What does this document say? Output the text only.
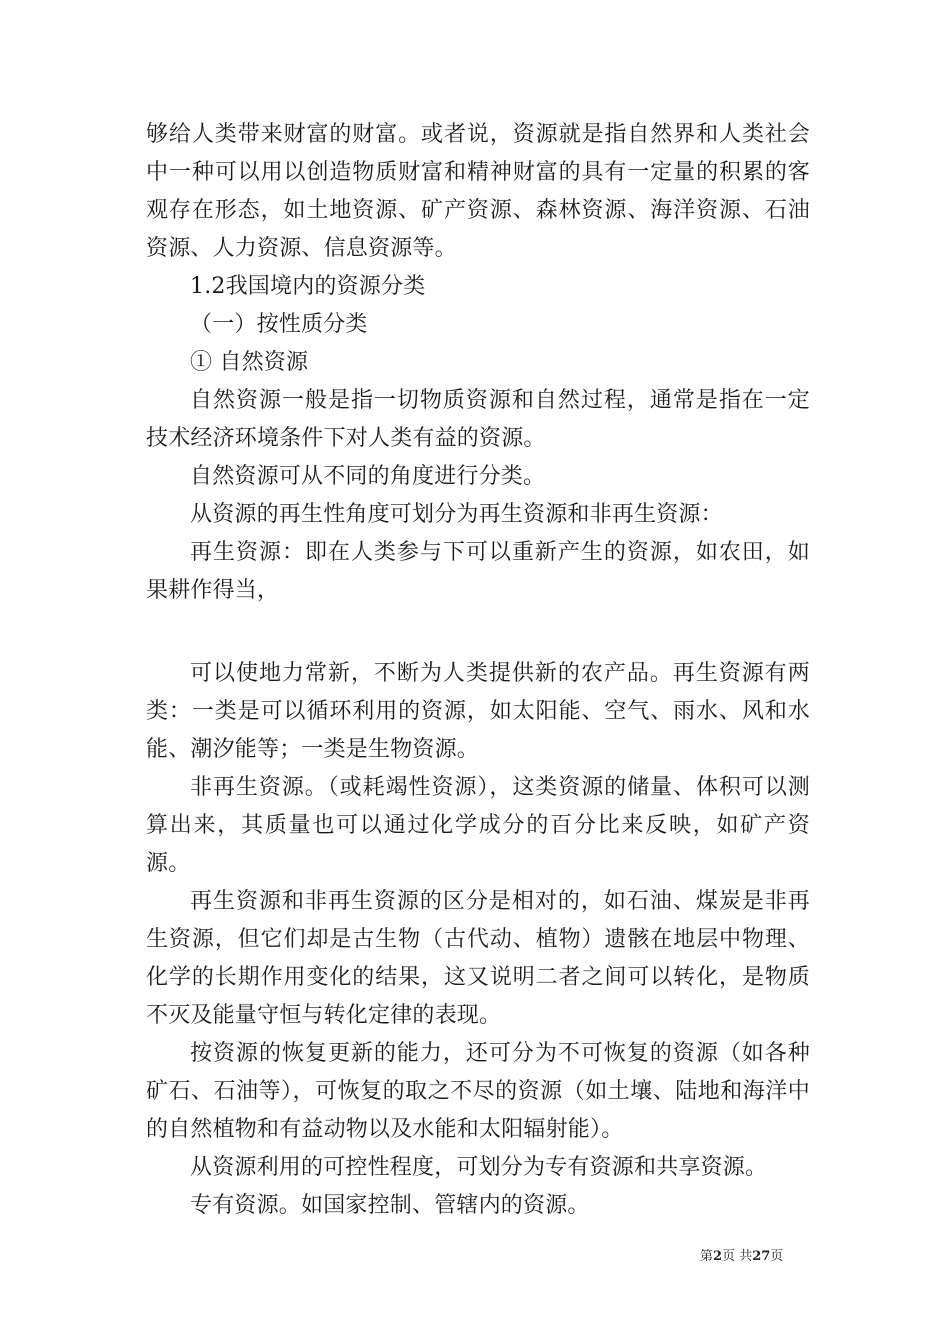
够给人类带来财富的财富。或者说，资源就是指自然界和人类社会中一种可以用以创造物质财富和精神财富的具有一定量的积累的客观存在形态，如土地资源、矿产资源、森林资源、海洋资源、石油资源、人力资源、信息资源等。

1.2我国境内的资源分类

（一）按性质分类

① 自然资源

自然资源一般是指一切物质资源和自然过程，通常是指在一定技术经济环境条件下对人类有益的资源。

自然资源可从不同的角度进行分类。

从资源的再生性角度可划分为再生资源和非再生资源：

再生资源：即在人类参与下可以重新产生的资源，如农田，如果耕作得当，

可以使地力常新，不断为人类提供新的农产品。再生资源有两类：一类是可以循环利用的资源，如太阳能、空气、雨水、风和水能、潮汐能等；一类是生物资源。

非再生资源。（或耗竭性资源），这类资源的储量、体积可以测算出来，其质量也可以通过化学成分的百分比来反映，如矿产资源。

再生资源和非再生资源的区分是相对的，如石油、煤炭是非再生资源，但它们却是古生物（古代动、植物）遗骸在地层中物理、化学的长期作用变化的结果，这又说明二者之间可以转化，是物质不灭及能量守恒与转化定律的表现。

按资源的恢复更新的能力，还可分为不可恢复的资源（如各种矿石、石油等），可恢复的取之不尽的资源（如土壤、陆地和海洋中的自然植物和有益动物以及水能和太阳辐射能）。

从资源利用的可控性程度，可划分为专有资源和共享资源。

专有资源。如国家控制、管辖内的资源。

第2页 共27页
